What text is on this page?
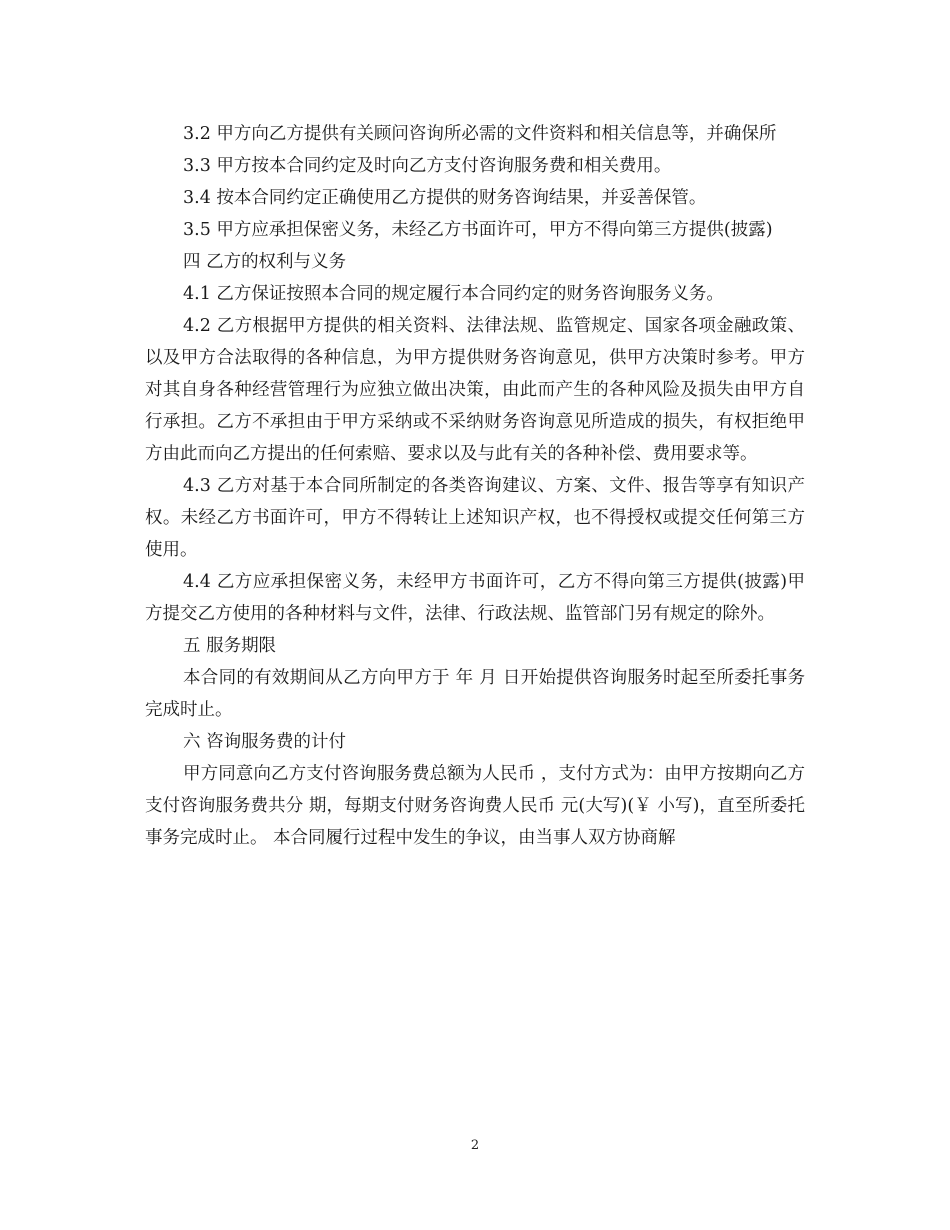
3.2 甲方向乙方提供有关顾问咨询所必需的文件资料和相关信息等，并确保所

3.3 甲方按本合同约定及时向乙方支付咨询服务费和相关费用。

3.4 按本合同约定正确使用乙方提供的财务咨询结果，并妥善保管。

3.5 甲方应承担保密义务，未经乙方书面许可，甲方不得向第三方提供(披露)

四 乙方的权利与义务

4.1 乙方保证按照本合同的规定履行本合同约定的财务咨询服务义务。

4.2 乙方根据甲方提供的相关资料、法律法规、监管规定、国家各项金融政策、以及甲方合法取得的各种信息，为甲方提供财务咨询意见，供甲方决策时参考。甲方对其自身各种经营管理行为应独立做出决策，由此而产生的各种风险及损失由甲方自行承担。乙方不承担由于甲方采纳或不采纳财务咨询意见所造成的损失，有权拒绝甲方由此而向乙方提出的任何索赔、要求以及与此有关的各种补偿、费用要求等。

4.3 乙方对基于本合同所制定的各类咨询建议、方案、文件、报告等享有知识产权。未经乙方书面许可，甲方不得转让上述知识产权，也不得授权或提交任何第三方使用。

4.4 乙方应承担保密义务，未经甲方书面许可，乙方不得向第三方提供(披露)甲方提交乙方使用的各种材料与文件，法律、行政法规、监管部门另有规定的除外。

五 服务期限

本合同的有效期间从乙方向甲方于 年 月 日开始提供咨询服务时起至所委托事务完成时止。

六 咨询服务费的计付

甲方同意向乙方支付咨询服务费总额为人民币 ，支付方式为：由甲方按期向乙方支付咨询服务费共分 期，每期支付财务咨询费人民币 元(大写)(￥ 小写)，直至所委托事务完成时止。 本合同履行过程中发生的争议，由当事人双方协商解

2
